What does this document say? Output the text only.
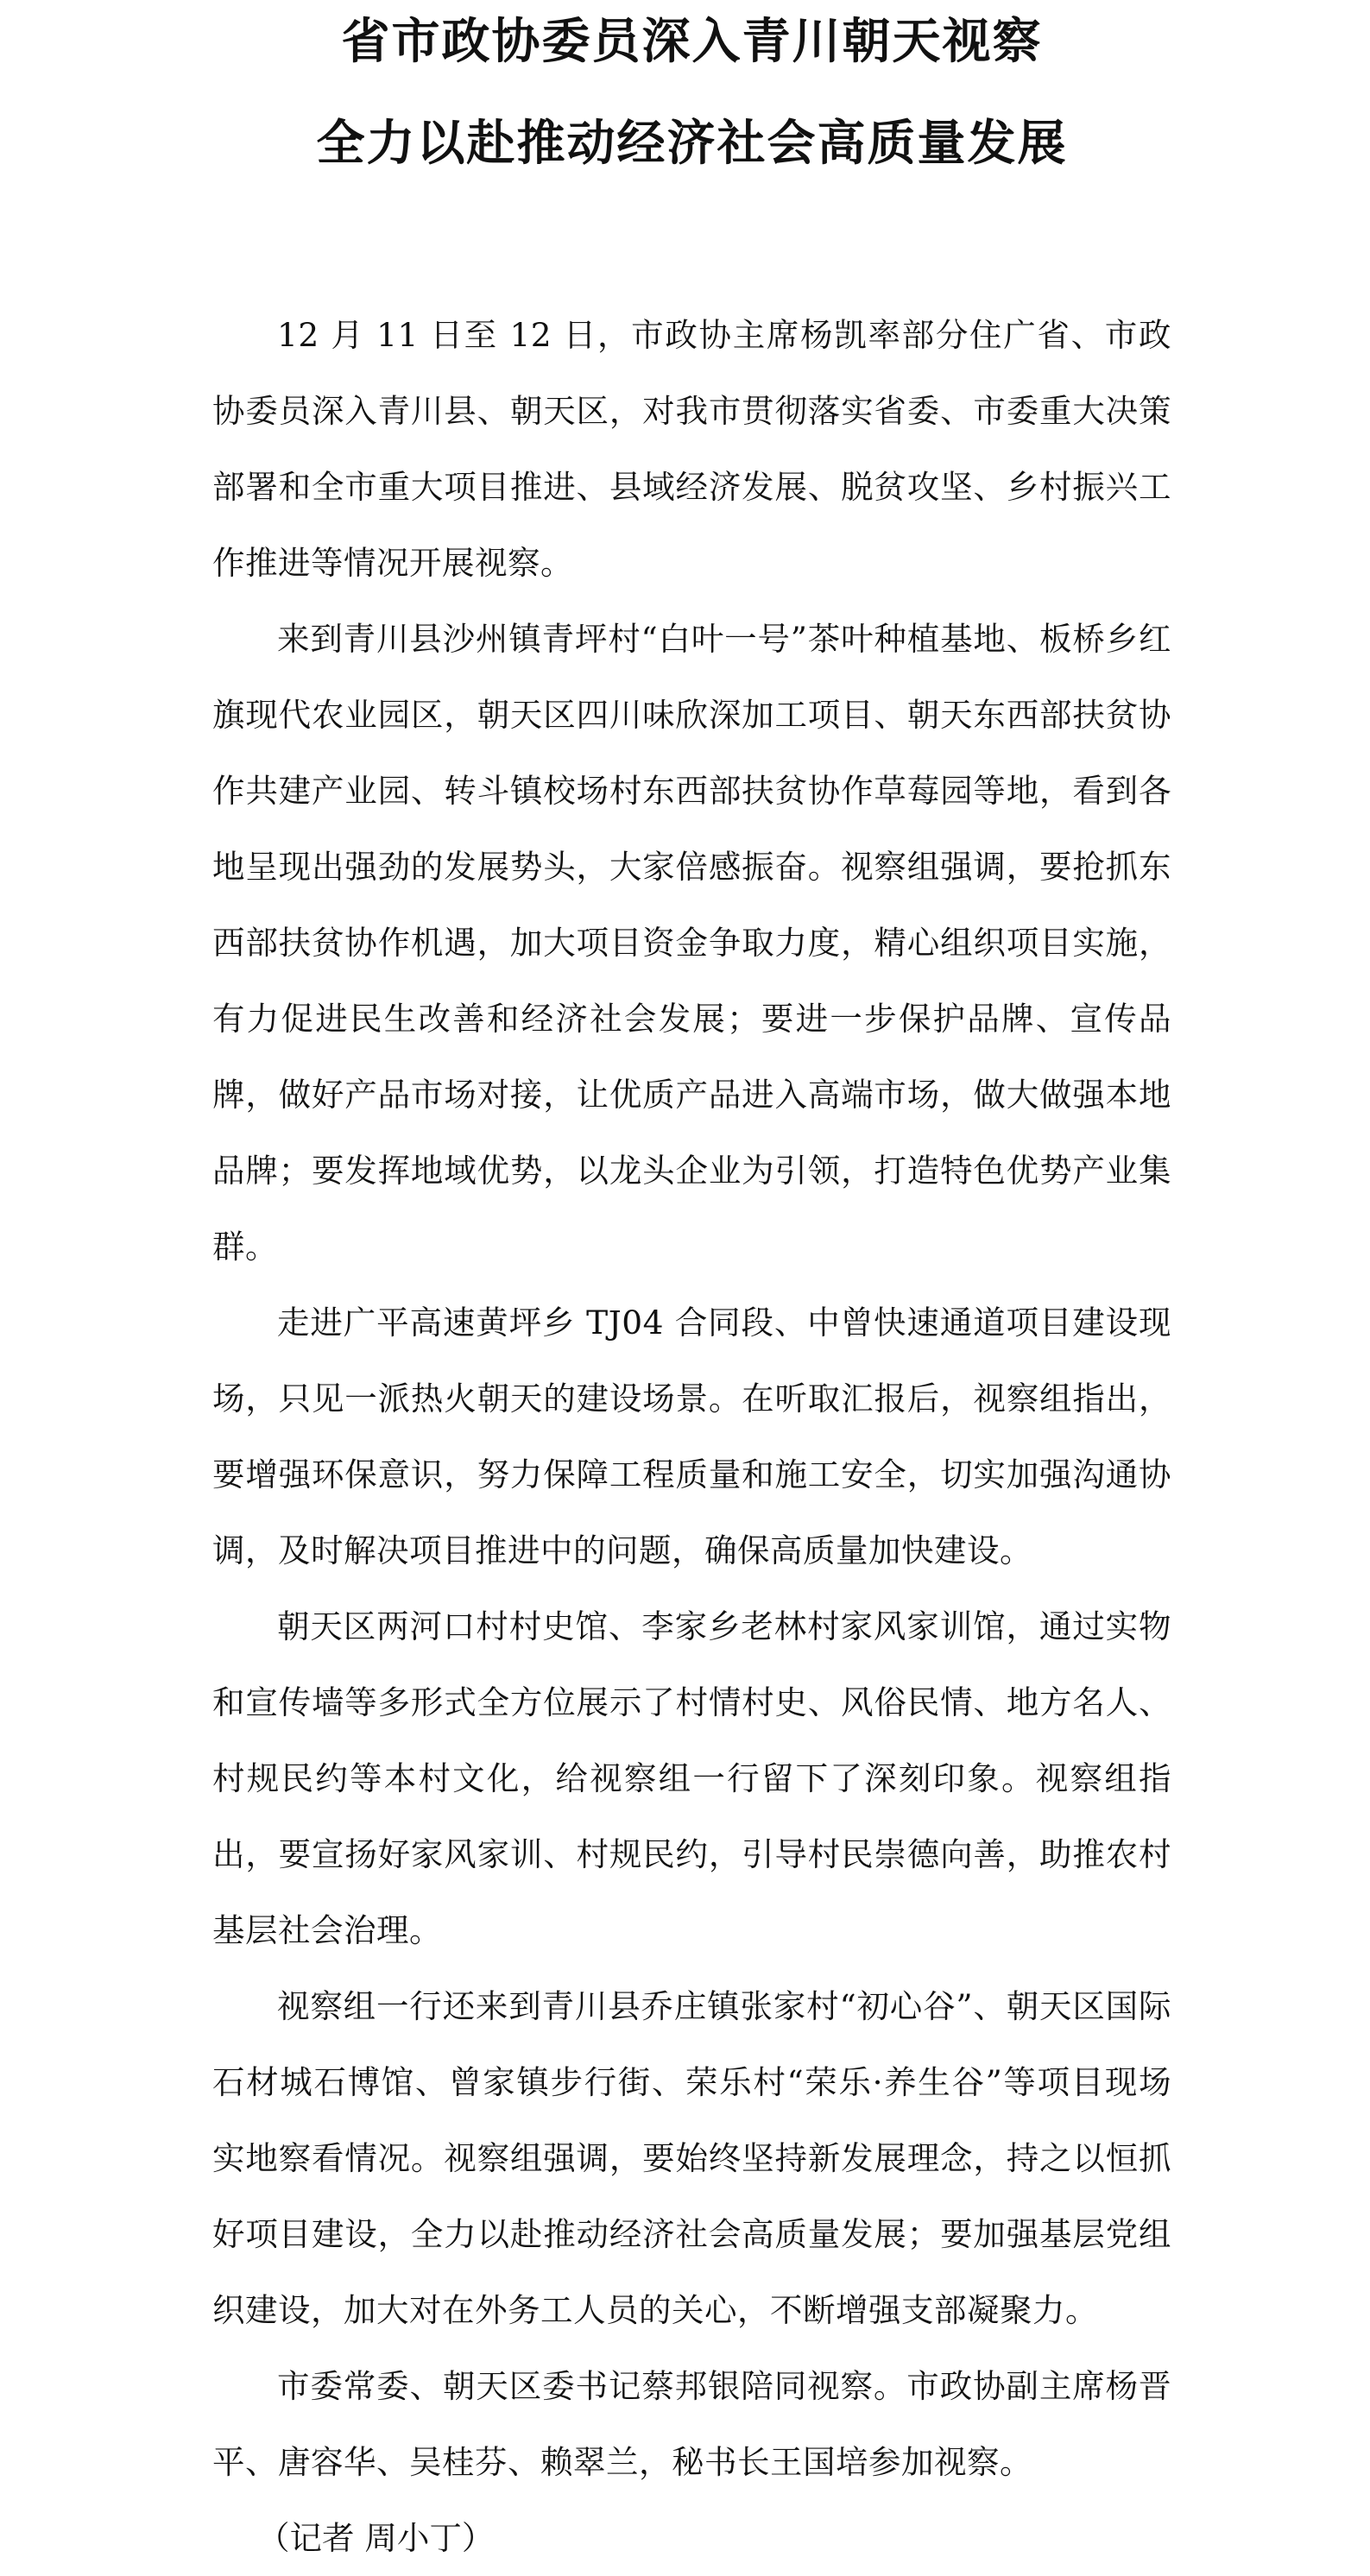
省市政协委员深入青川朝天视察
全力以赴推动经济社会高质量发展

12 月 11 日至 12 日，市政协主席杨凯率部分住广省、市政协委员深入青川县、朝天区，对我市贯彻落实省委、市委重大决策部署和全市重大项目推进、县域经济发展、脱贫攻坚、乡村振兴工作推进等情况开展视察。

来到青川县沙州镇青坪村“白叶一号”茶叶种植基地、板桥乡红旗现代农业园区，朝天区四川味欣深加工项目、朝天东西部扶贫协作共建产业园、转斗镇校场村东西部扶贫协作草莓园等地，看到各地呈现出强劲的发展势头，大家倍感振奋。视察组强调，要抢抓东西部扶贫协作机遇，加大项目资金争取力度，精心组织项目实施，有力促进民生改善和经济社会发展；要进一步保护品牌、宣传品牌，做好产品市场对接，让优质产品进入高端市场，做大做强本地品牌；要发挥地域优势，以龙头企业为引领，打造特色优势产业集群。

走进广平高速黄坪乡 TJ04 合同段、中曾快速通道项目建设现场，只见一派热火朝天的建设场景。在听取汇报后，视察组指出，要增强环保意识，努力保障工程质量和施工安全，切实加强沟通协调，及时解决项目推进中的问题，确保高质量加快建设。

朝天区两河口村村史馆、李家乡老林村家风家训馆，通过实物和宣传墙等多形式全方位展示了村情村史、风俗民情、地方名人、村规民约等本村文化，给视察组一行留下了深刻印象。视察组指出，要宣扬好家风家训、村规民约，引导村民崇德向善，助推农村基层社会治理。

视察组一行还来到青川县乔庄镇张家村“初心谷”、朝天区国际石材城石博馆、曾家镇步行街、荣乐村“荣乐·养生谷”等项目现场实地察看情况。视察组强调，要始终坚持新发展理念，持之以恒抓好项目建设，全力以赴推动经济社会高质量发展；要加强基层党组织建设，加大对在外务工人员的关心，不断增强支部凝聚力。

市委常委、朝天区委书记蔡邦银陪同视察。市政协副主席杨晋平、唐容华、吴桂芬、赖翠兰，秘书长王国培参加视察。

（记者 周小丁）
